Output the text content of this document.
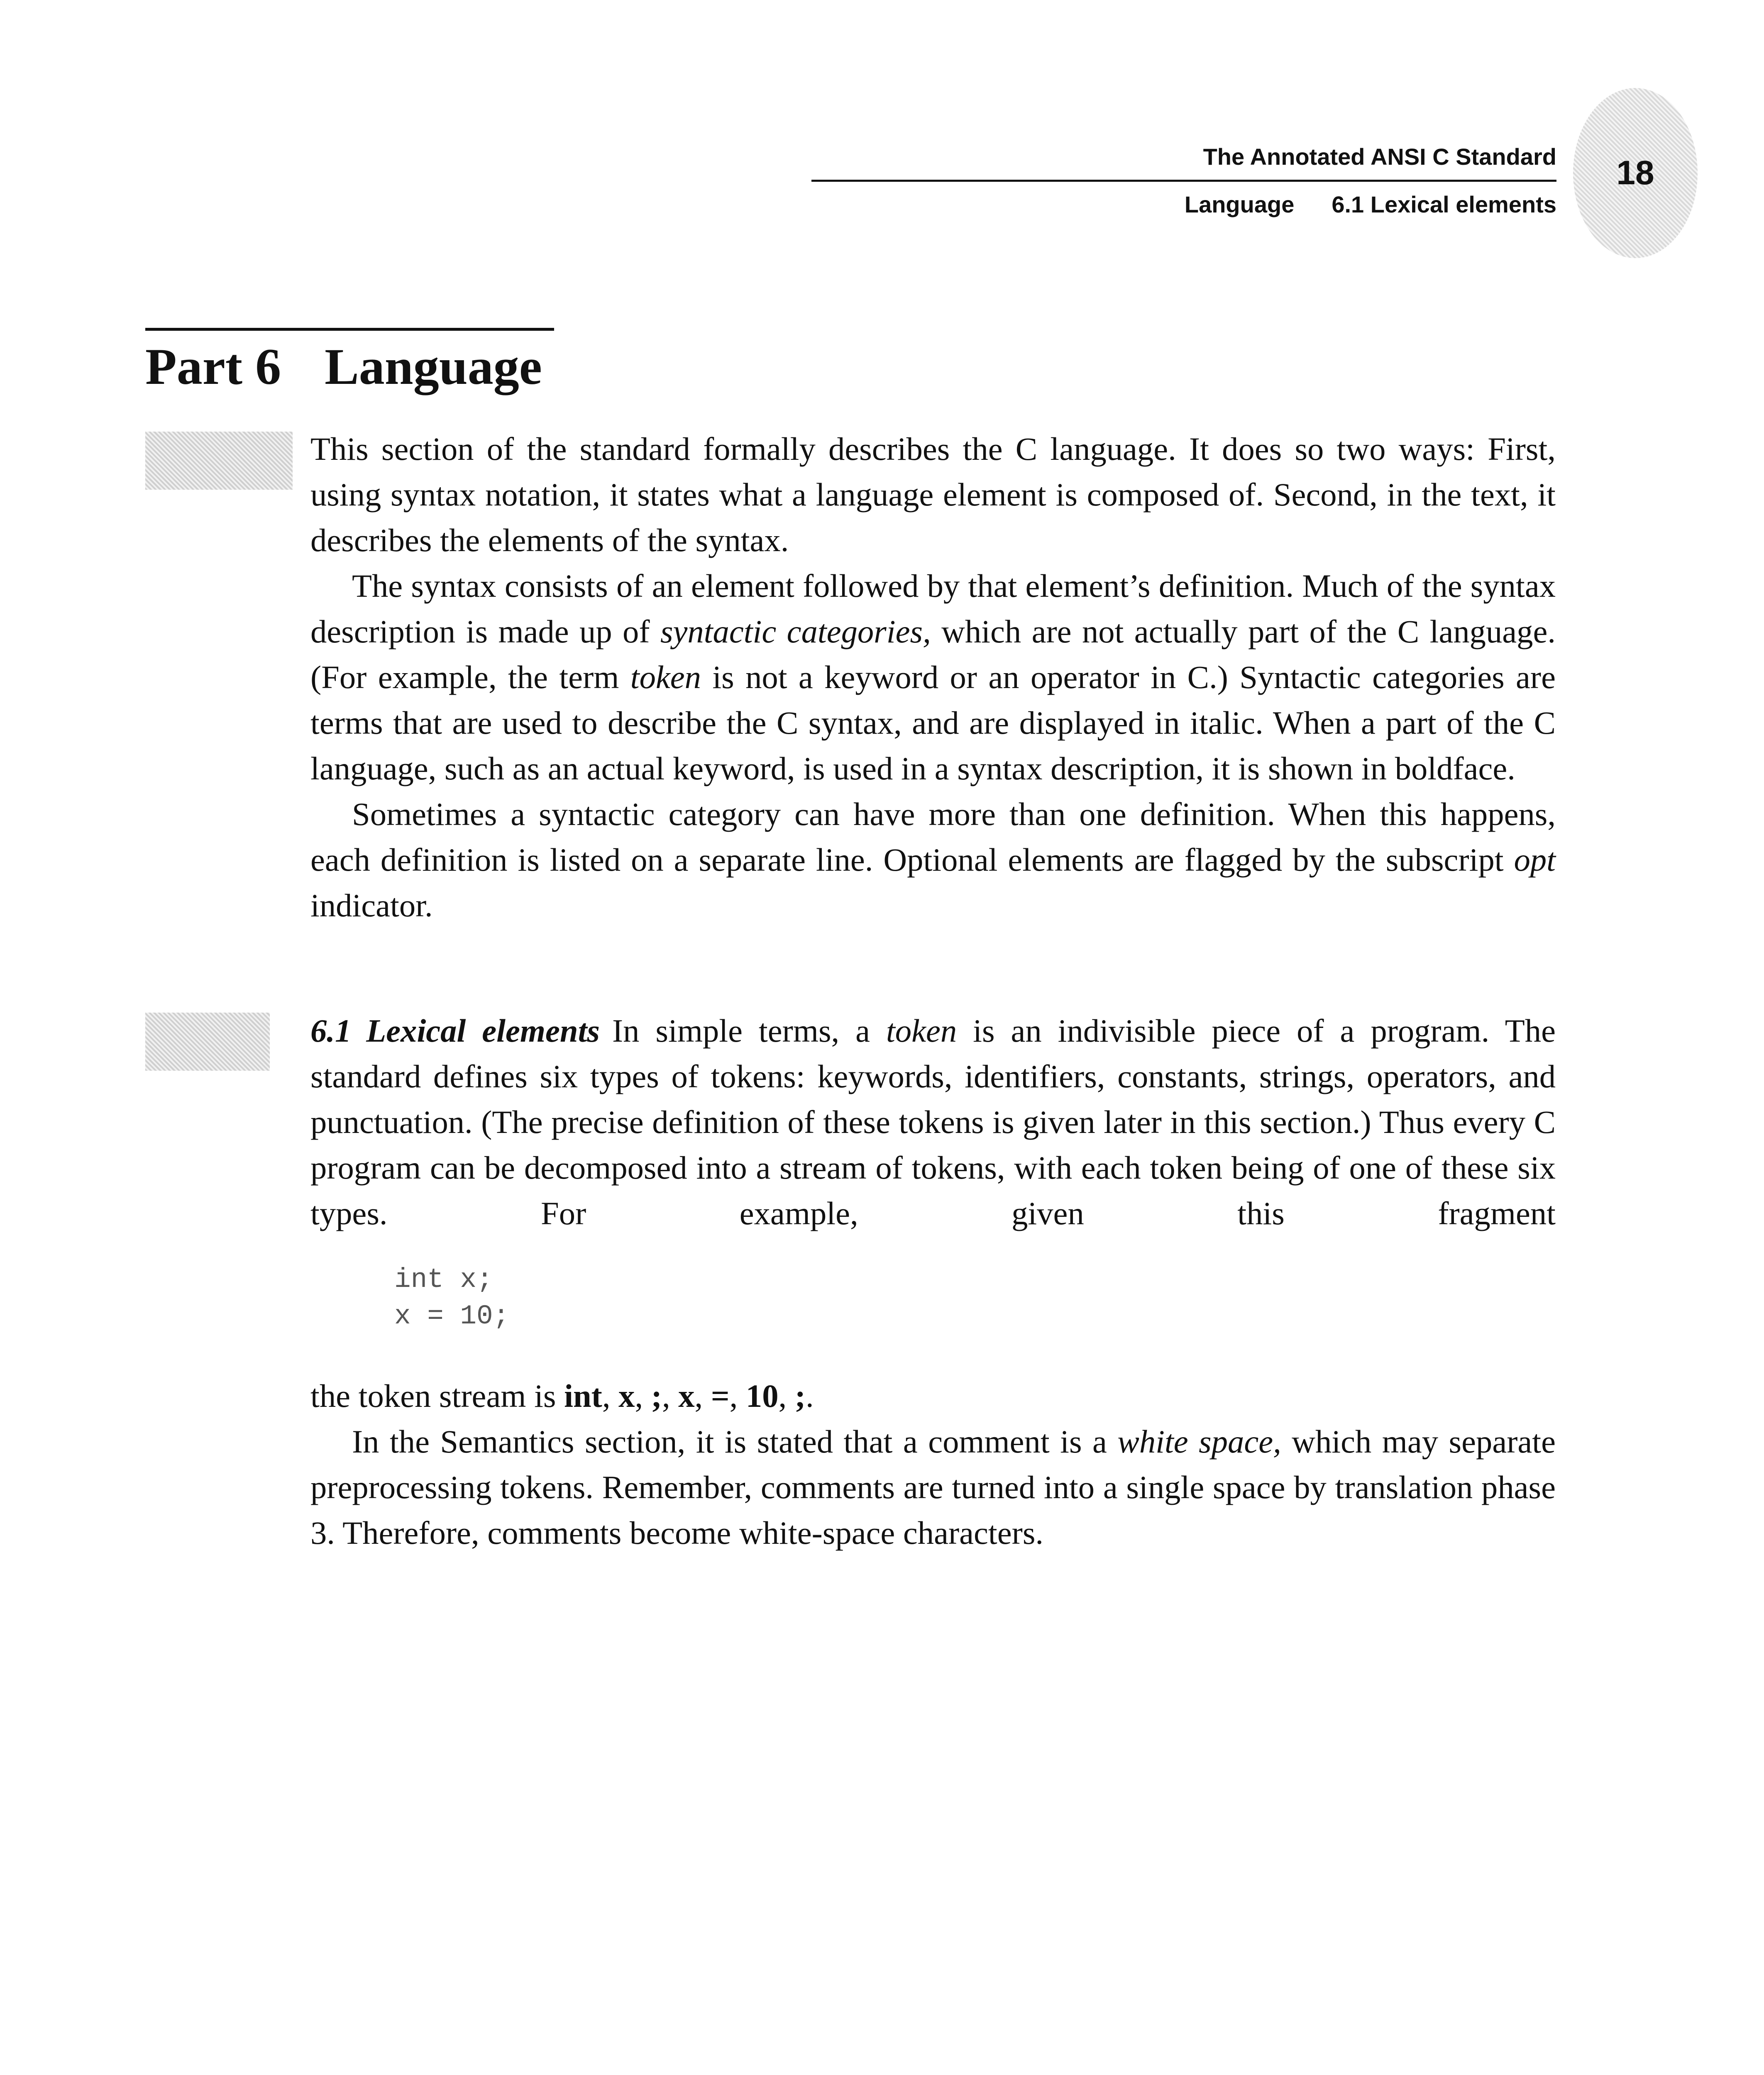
The Annotated ANSI C Standard
Language 6.1 Lexical elements
18
Part 6 Language

This section of the standard formally describes the C language. It does so two ways: First, using syntax notation, it states what a language element is composed of. Second, in the text, it describes the elements of the syntax.

The syntax consists of an element followed by that element’s definition. Much of the syntax description is made up of syntactic categories, which are not actually part of the C language. (For example, the term token is not a keyword or an operator in C.) Syntactic categories are terms that are used to describe the C syntax, and are displayed in italic. When a part of the C language, such as an actual keyword, is used in a syntax description, it is shown in boldface.

Sometimes a syntactic category can have more than one definition. When this happens, each definition is listed on a separate line. Optional elements are flagged by the subscript opt indicator.

6.1 Lexical elements In simple terms, a token is an indivisible piece of a program. The standard defines six types of tokens: keywords, identifiers, constants, strings, operators, and punctuation. (The precise definition of these tokens is given later in this section.) Thus every C program can be decomposed into a stream of tokens, with each token being of one of these six types. For example, given this fragment

int x;
x = 10;

the token stream is int, x, ;, x, =, 10, ;.

In the Semantics section, it is stated that a comment is a white space, which may separate preprocessing tokens. Remember, comments are turned into a single space by translation phase 3. Therefore, comments become white-space characters.
